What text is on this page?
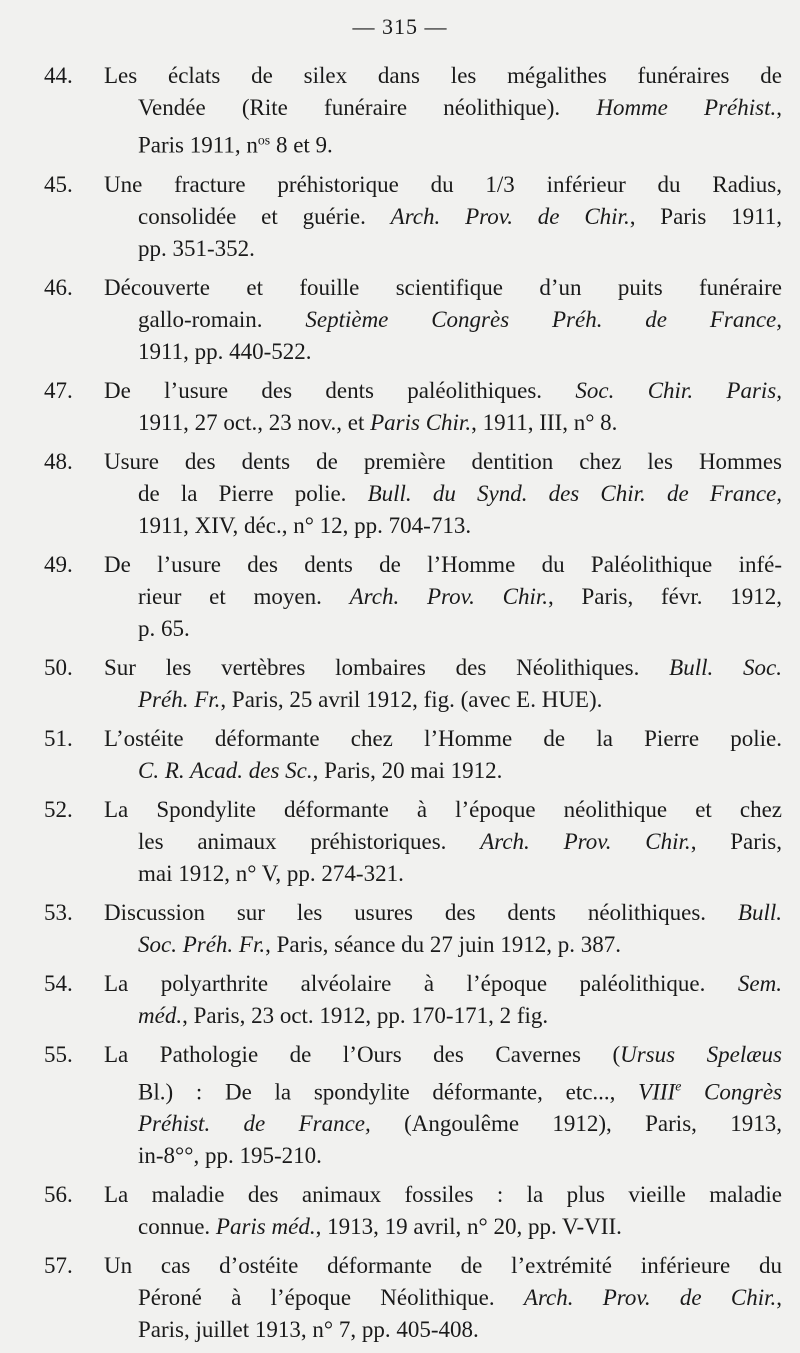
— 315 —
44.	Les éclats de silex dans les mégalithes funéraires de
Vendée (Rite funéraire néolithique). Homme Préhist.,
Paris 1911, $n^{os}$ 8 et 9.
45.	Une fracture préhistorique du 1/3 inférieur du Radius,
consolidée et guérie. Arch. Prov. de Chir., Paris 1911,
pp. 351-352.
46.	Découverte et fouille scientifique d’un puits funéraire
gallo-romain. Septième Congrès Préh. de France,
1911, pp. 440-522.
47.	De l’usure des dents paléolithiques. Soc. Chir. Paris,
1911, 27 oct., 23 nov., et Paris Chir., 1911, III, n° 8.
48.	Usure des dents de première dentition chez les Hommes
de la Pierre polie. Bull. du Synd. des Chir. de France,
1911, XIV, déc., n° 12, pp. 704-713.
49.	De l’usure des dents de l’Homme du Paléolithique infé-
rieur et moyen. Arch. Prov. Chir., Paris, févr. 1912,
p. 65.
50.	Sur les vertèbres lombaires des Néolithiques. Bull. Soc.
Préh. Fr., Paris, 25 avril 1912, fig. (avec E. HUE).
51.	L’ostéite déformante chez l’Homme de la Pierre polie.
C. R. Acad. des Sc., Paris, 20 mai 1912.
52.	La Spondylite déformante à l’époque néolithique et chez
les animaux préhistoriques. Arch. Prov. Chir., Paris,
mai 1912, n° V, pp. 274-321.
53.	Discussion sur les usures des dents néolithiques. Bull.
Soc. Préh. Fr., Paris, séance du 27 juin 1912, p. 387.
54.	La polyarthrite alvéolaire à l’époque paléolithique. Sem.
méd., Paris, 23 oct. 1912, pp. 170-171, 2 fig.
55.	La Pathologie de l’Ours des Cavernes (Ursus Spelæus
Bl.) : De la spondylite déformante, etc..., VIIIe Congrès
Préhist. de France, (Angoulême 1912), Paris, 1913,
in-8°°, pp. 195-210.
56.	La maladie des animaux fossiles : la plus vieille maladie
connue. Paris méd., 1913, 19 avril, n° 20, pp. V-VII.
57.	Un cas d’ostéite déformante de l’extrémité inférieure du
Péroné à l’époque Néolithique. Arch. Prov. de Chir.,
Paris, juillet 1913, n° 7, pp. 405-408.
